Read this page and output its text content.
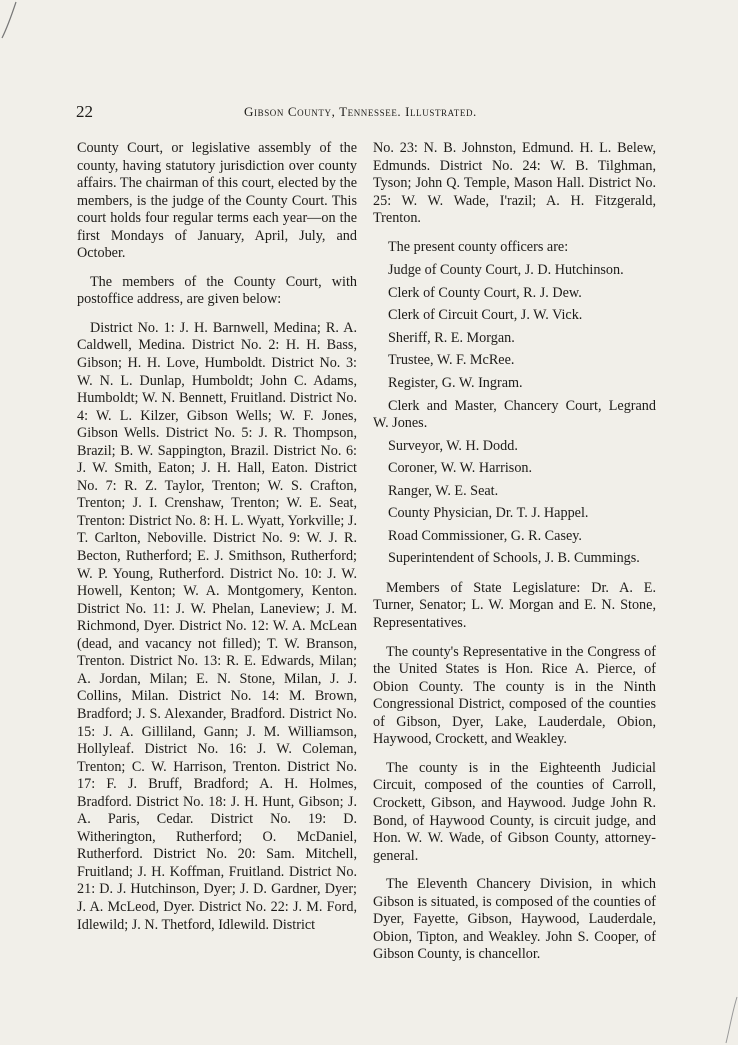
22	Gibson County, Tennessee. Illustrated.

County Court, or legislative assembly of the county, having statutory jurisdiction over county affairs. The chairman of this court, elected by the members, is the judge of the County Court. This court holds four regular terms each year—on the first Mondays of January, April, July, and October.

The members of the County Court, with postoffice address, are given below:

District No. 1: J. H. Barnwell, Medina; R. A. Caldwell, Medina. District No. 2: H. H. Bass, Gibson; H. H. Love, Humboldt. District No. 3: W. N. L. Dunlap, Humboldt; John C. Adams, Humboldt; W. N. Bennett, Fruitland. District No. 4: W. L. Kilzer, Gibson Wells; W. F. Jones, Gibson Wells. District No. 5: J. R. Thompson, Brazil; B. W. Sappington, Brazil. District No. 6: J. W. Smith, Eaton; J. H. Hall, Eaton. District No. 7: R. Z. Taylor, Trenton; W. S. Crafton, Trenton; J. I. Crenshaw, Trenton; W. E. Seat, Trenton: District No. 8: H. L. Wyatt, Yorkville; J. T. Carlton, Neboville. District No. 9: W. J. R. Becton, Rutherford; E. J. Smithson, Rutherford; W. P. Young, Rutherford. District No. 10: J. W. Howell, Kenton; W. A. Montgomery, Kenton. District No. 11: J. W. Phelan, Laneview; J. M. Richmond, Dyer. District No. 12: W. A. McLean (dead, and vacancy not filled); T. W. Branson, Trenton. District No. 13: R. E. Edwards, Milan; A. Jordan, Milan; E. N. Stone, Milan, J. J. Collins, Milan. District No. 14: M. Brown, Bradford; J. S. Alexander, Bradford. District No. 15: J. A. Gilliland, Gann; J. M. Williamson, Hollyleaf. District No. 16: J. W. Coleman, Trenton; C. W. Harrison, Trenton. District No. 17: F. J. Bruff, Bradford; A. H. Holmes, Bradford. District No. 18: J. H. Hunt, Gibson; J. A. Paris, Cedar. District No. 19: D. Witherington, Rutherford; O. McDaniel, Rutherford. District No. 20: Sam. Mitchell, Fruitland; J. H. Koffman, Fruitland. District No. 21: D. J. Hutchinson, Dyer; J. D. Gardner, Dyer; J. A. McLeod, Dyer. District No. 22: J. M. Ford, Idlewild; J. N. Thetford, Idlewild. District

No. 23: N. B. Johnston, Edmund. H. L. Belew, Edmunds. District No. 24: W. B. Tilghman, Tyson; John Q. Temple, Mason Hall. District No. 25: W. W. Wade, I'razil; A. H. Fitzgerald, Trenton.

The present county officers are:

Judge of County Court, J. D. Hutchinson.

Clerk of County Court, R. J. Dew.

Clerk of Circuit Court, J. W. Vick.

Sheriff, R. E. Morgan.

Trustee, W. F. McRee.

Register, G. W. Ingram.

Clerk and Master, Chancery Court, Legrand W. Jones.

Surveyor, W. H. Dodd.

Coroner, W. W. Harrison.

Ranger, W. E. Seat.

County Physician, Dr. T. J. Happel.

Road Commissioner, G. R. Casey.

Superintendent of Schools, J. B. Cummings.

Members of State Legislature: Dr. A. E. Turner, Senator; L. W. Morgan and E. N. Stone, Representatives.

The county's Representative in the Congress of the United States is Hon. Rice A. Pierce, of Obion County. The county is in the Ninth Congressional District, composed of the counties of Gibson, Dyer, Lake, Lauderdale, Obion, Haywood, Crockett, and Weakley.

The county is in the Eighteenth Judicial Circuit, composed of the counties of Carroll, Crockett, Gibson, and Haywood. Judge John R. Bond, of Haywood County, is circuit judge, and Hon. W. W. Wade, of Gibson County, attorney-general.

The Eleventh Chancery Division, in which Gibson is situated, is composed of the counties of Dyer, Fayette, Gibson, Haywood, Lauderdale, Obion, Tipton, and Weakley. John S. Cooper, of Gibson County, is chancellor.
